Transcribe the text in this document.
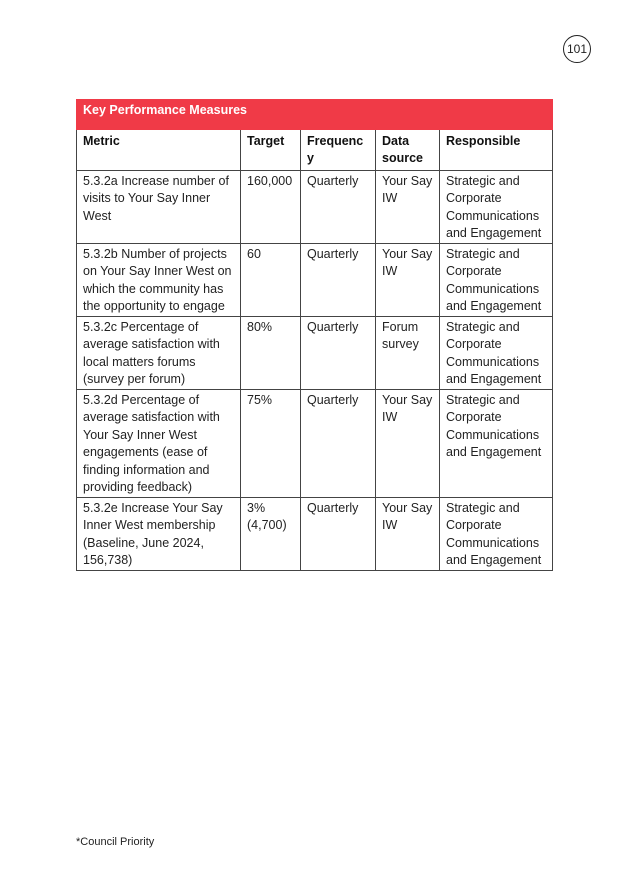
101
Key Performance Measures				
Metric	Target	Frequency	Data source	Responsible
5.3.2a Increase number of visits to Your Say Inner West	160,000	Quarterly	Your Say IW	Strategic and Corporate Communications and Engagement
5.3.2b Number of projects on Your Say Inner West on which the community has the opportunity to engage	60	Quarterly	Your Say IW	Strategic and Corporate Communications and Engagement
5.3.2c Percentage of average satisfaction with local matters forums (survey per forum)	80%	Quarterly	Forum survey	Strategic and Corporate Communications and Engagement
5.3.2d Percentage of average satisfaction with Your Say Inner West engagements (ease of finding information and providing feedback)	75%	Quarterly	Your Say IW	Strategic and Corporate Communications and Engagement
5.3.2e Increase Your Say Inner West membership (Baseline, June 2024, 156,738)	3% (4,700)	Quarterly	Your Say IW	Strategic and Corporate Communications and Engagement
*Council Priority
